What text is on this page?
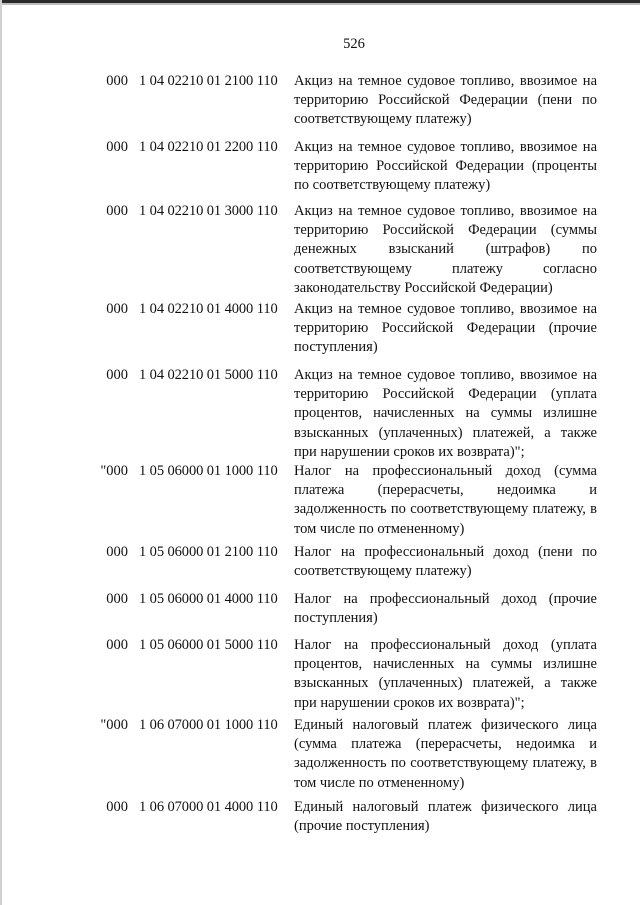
526
000 1 04 02210 01 2100 110	Акциз на темное судовое топливо, ввозимое на территорию Российской Федерации (пени по соответствующему платежу)
000 1 04 02210 01 2200 110	Акциз на темное судовое топливо, ввозимое на территорию Российской Федерации (проценты по соответствующему платежу)
000 1 04 02210 01 3000 110	Акциз на темное судовое топливо, ввозимое на территорию Российской Федерации (суммы денежных взысканий (штрафов) по соответствующему платежу согласно законодательству Российской Федерации)
000 1 04 02210 01 4000 110	Акциз на темное судовое топливо, ввозимое на территорию Российской Федерации (прочие поступления)
000 1 04 02210 01 5000 110	Акциз на темное судовое топливо, ввозимое на территорию Российской Федерации (уплата процентов, начисленных на суммы излишне взысканных (уплаченных) платежей, а также при нарушении сроков их возврата)";
"000 1 05 06000 01 1000 110	Налог на профессиональный доход (сумма платежа (перерасчеты, недоимка и задолженность по соответствующему платежу, в том числе по отмененному)
000 1 05 06000 01 2100 110	Налог на профессиональный доход (пени по соответствующему платежу)
000 1 05 06000 01 4000 110	Налог на профессиональный доход (прочие поступления)
000 1 05 06000 01 5000 110	Налог на профессиональный доход (уплата процентов, начисленных на суммы излишне взысканных (уплаченных) платежей, а также при нарушении сроков их возврата)";
"000 1 06 07000 01 1000 110	Единый налоговый платеж физического лица (сумма платежа (перерасчеты, недоимка и задолженность по соответствующему платежу, в том числе по отмененному)
000 1 06 07000 01 4000 110	Единый налоговый платеж физического лица (прочие поступления)
